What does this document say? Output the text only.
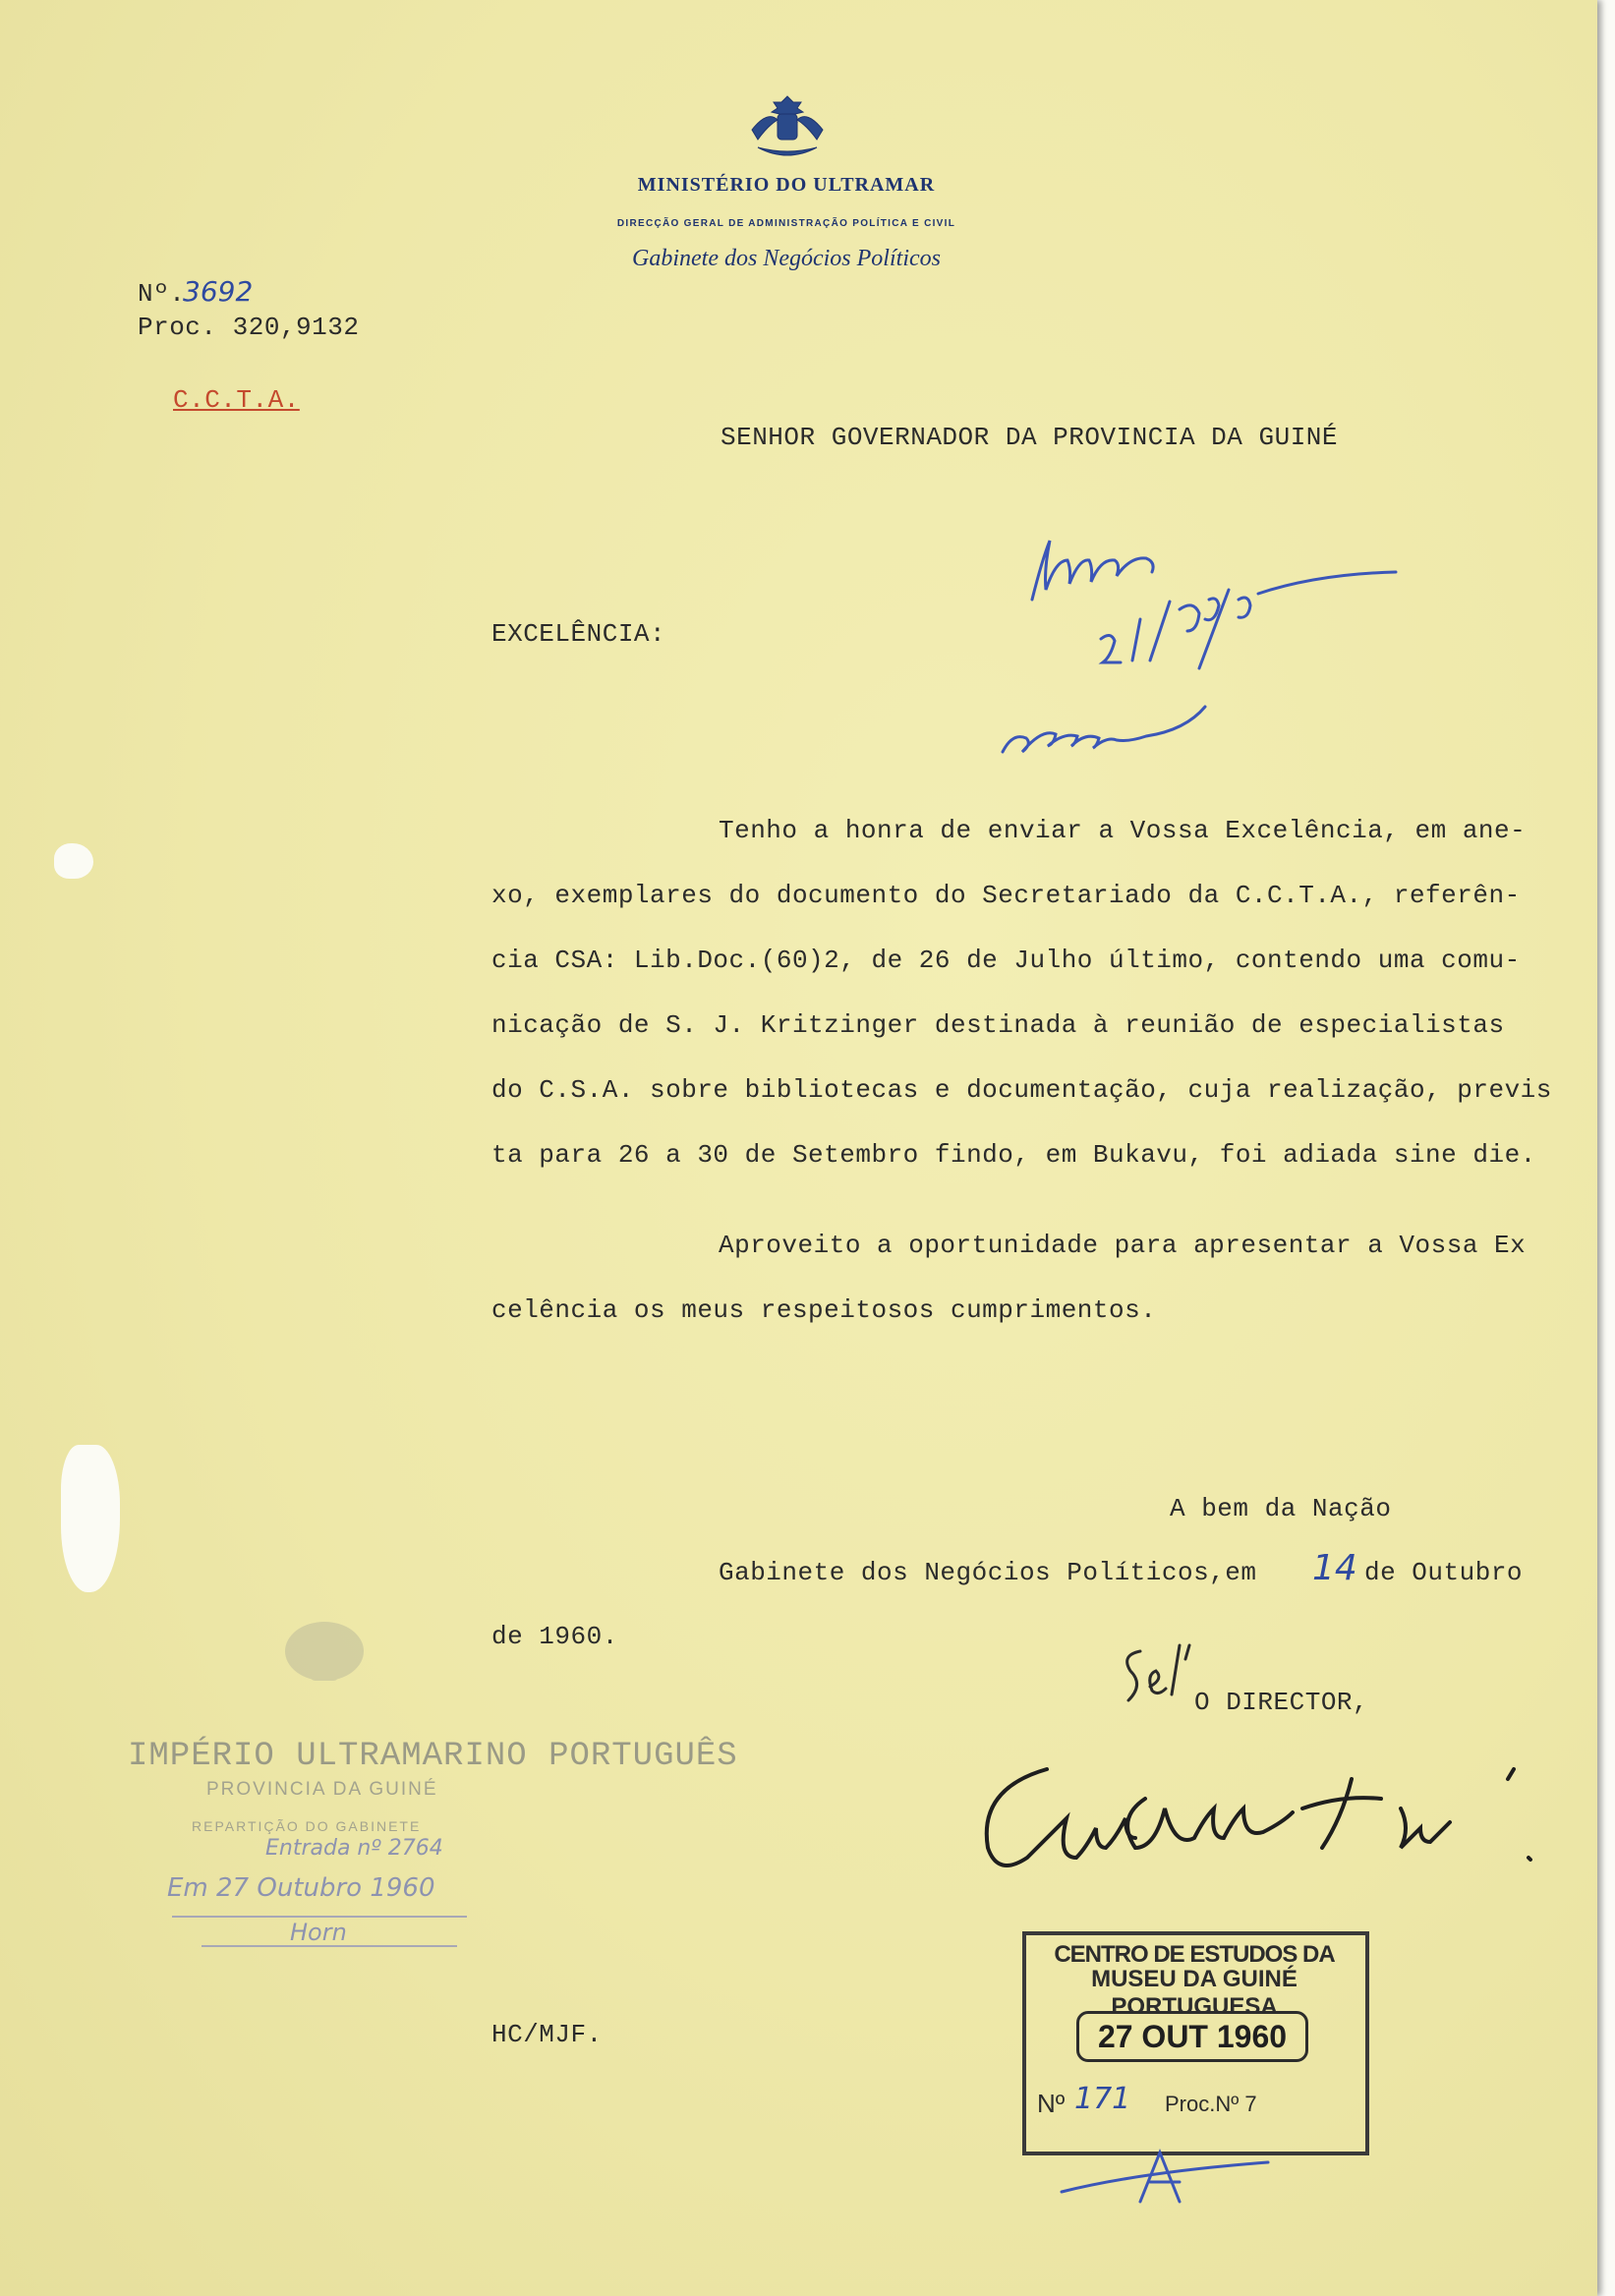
MINISTÉRIO DO ULTRAMAR
DIRECÇÃO GERAL DE ADMINISTRAÇÃO POLÍTICA E CIVIL
Gabinete dos Negócios Políticos
Nº.
3692
Proc. 320,9132
C.C.T.A.
SENHOR GOVERNADOR DA PROVINCIA DA GUINÉ
EXCELÊNCIA:
Tenho a honra de enviar a Vossa Excelência, em ane-
xo, exemplares do documento do Secretariado da C.C.T.A., referên-
cia CSA: Lib.Doc.(60)2, de 26 de Julho último, contendo uma comu-
nicação de S. J. Kritzinger destinada à reunião de especialistas
do C.S.A. sobre bibliotecas e documentação, cuja realização, previs
ta para 26 a 30 de Setembro findo, em Bukavu, foi adiada sine die.
Aproveito a oportunidade para apresentar a Vossa Ex
celência os meus respeitosos cumprimentos.
A bem da Nação
Gabinete dos Negócios Políticos,em 14 de Outubro
de 1960.
O DIRECTOR,
HC/MJF.
IMPÉRIO ULTRAMARINO PORTUGUÊS
PROVINCIA DA GUINÉ
REPARTIÇÃO DO GABINETE
Entrada nº 2764
Em 27 Outubro 1960
Horn
CENTRO DE ESTUDOS DA
MUSEU DA GUINÉ PORTUGUESA
27 OUT 1960
Nº 171 Proc.Nº 7
